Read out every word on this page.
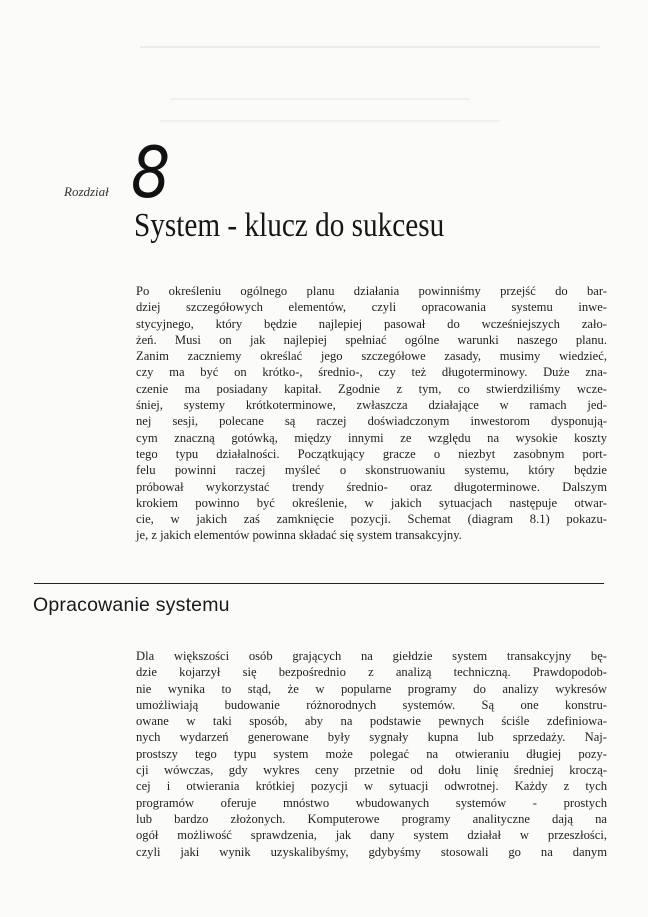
Rozdział 8
System - klucz do sukcesu
Po określeniu ogólnego planu działania powinniśmy przejść do bar-
dziej szczegółowych elementów, czyli opracowania systemu inwe-
stycyjnego, który będzie najlepiej pasował do wcześniejszych zało-
żeń. Musi on jak najlepiej spełniać ogólne warunki naszego planu.
Zanim zaczniemy określać jego szczegółowe zasady, musimy wiedzieć,
czy ma być on krótko-, średnio-, czy też długoterminowy. Duże zna-
czenie ma posiadany kapitał. Zgodnie z tym, co stwierdziliśmy wcze-
śniej, systemy krótkoterminowe, zwłaszcza działające w ramach jed-
nej sesji, polecane są raczej doświadczonym inwestorom dysponują-
cym znaczną gotówką, między innymi ze względu na wysokie koszty
tego typu działalności. Początkujący gracze o niezbyt zasobnym port-
felu powinni raczej myśleć o skonstruowaniu systemu, który będzie
próbował wykorzystać trendy średnio- oraz długoterminowe. Dalszym
krokiem powinno być określenie, w jakich sytuacjach następuje otwar-
cie, w jakich zaś zamknięcie pozycji. Schemat (diagram 8.1) pokazu-
je, z jakich elementów powinna składać się system transakcyjny.
Opracowanie systemu
Dla większości osób grających na giełdzie system transakcyjny bę-
dzie kojarzył się bezpośrednio z analizą techniczną. Prawdopodob-
nie wynika to stąd, że w popularne programy do analizy wykresów
umożliwiają budowanie różnorodnych systemów. Są one konstru-
owane w taki sposób, aby na podstawie pewnych ściśle zdefiniowa-
nych wydarzeń generowane były sygnały kupna lub sprzedaży. Naj-
prostszy tego typu system może polegać na otwieraniu długiej pozy-
cji wówczas, gdy wykres ceny przetnie od dołu linię średniej kroczą-
cej i otwierania krótkiej pozycji w sytuacji odwrotnej. Każdy z tych
programów oferuje mnóstwo wbudowanych systemów - prostych
lub bardzo złożonych. Komputerowe programy analityczne dają na
ogół możliwość sprawdzenia, jak dany system działał w przeszłości,
czyli jaki wynik uzyskalibyśmy, gdybyśmy stosowali go na danym
